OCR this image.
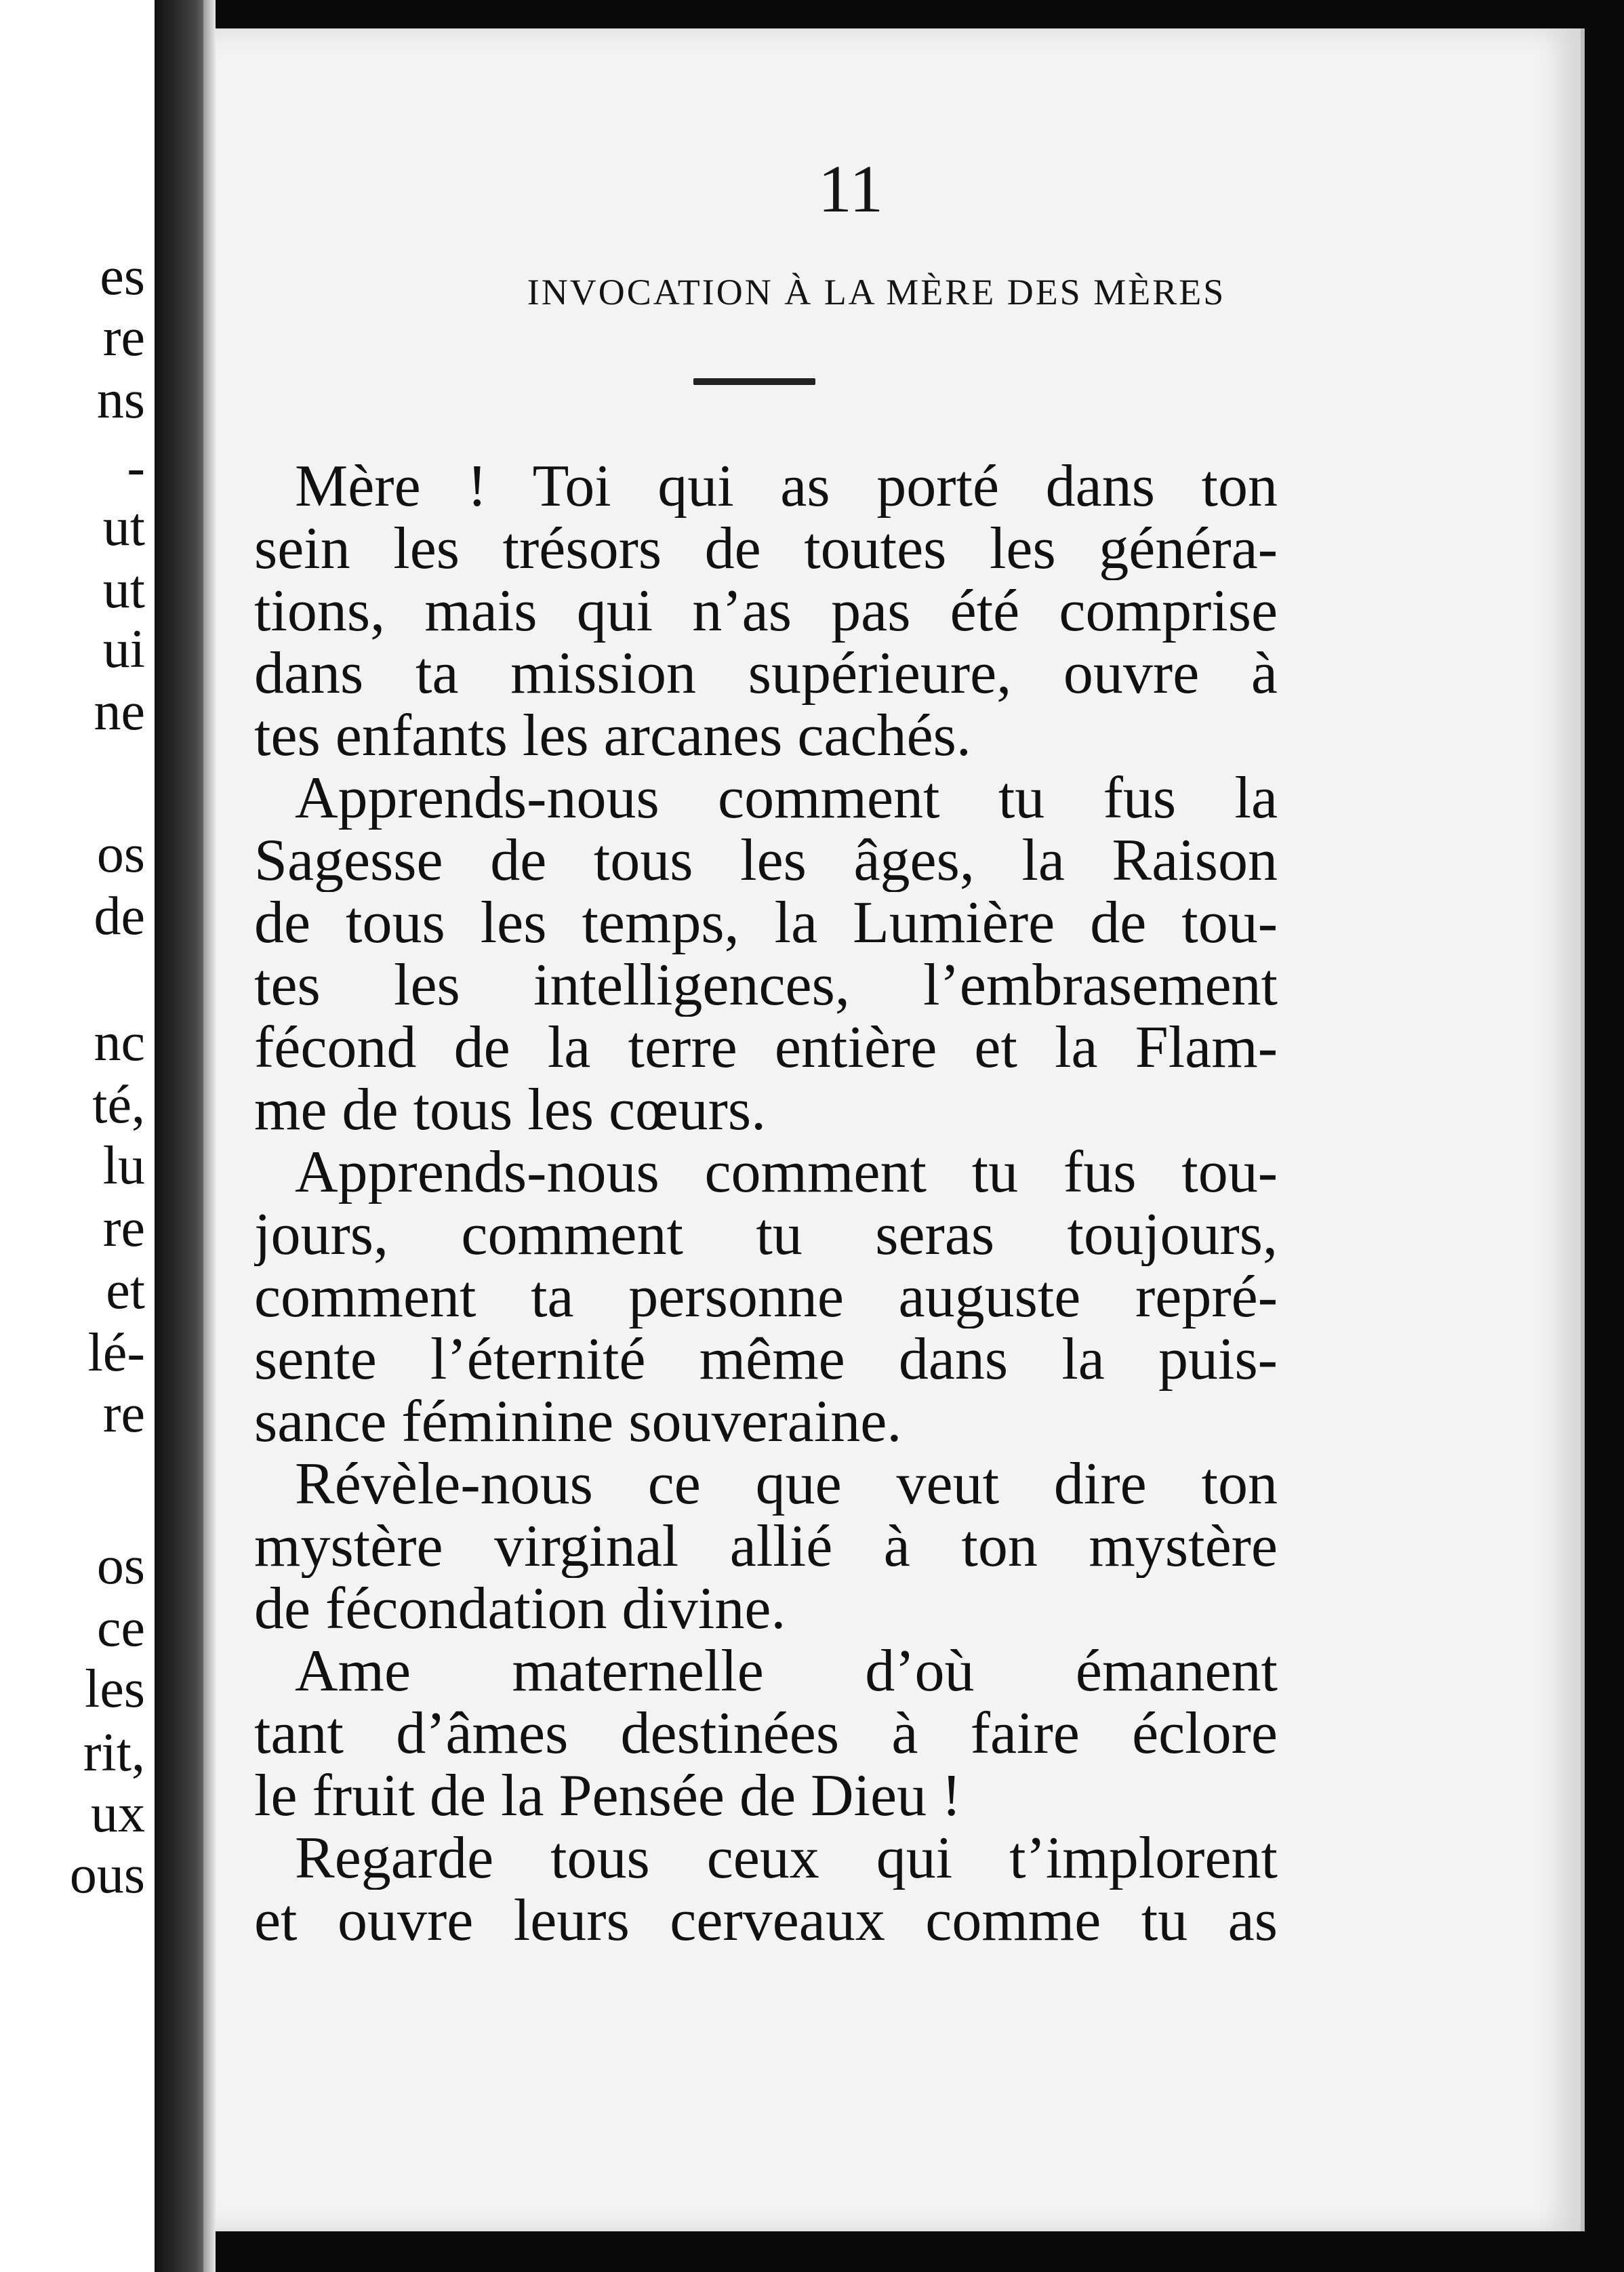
es
re
ns
-
ut
ut
ui
ne
os
de
nc
té,
lu
re
et
lé-
re
os
ce
les
rit,
ux
ous
11
INVOCATION À LA MÈRE DES MÈRES
Mère ! Toi qui as porté dans ton
sein les trésors de toutes les généra-
tions, mais qui n’as pas été comprise
dans ta mission supérieure, ouvre à
tes enfants les arcanes cachés.
Apprends-nous comment tu fus la
Sagesse de tous les âges, la Raison
de tous les temps, la Lumière de tou-
tes les intelligences, l’embrasement
fécond de la terre entière et la Flam-
me de tous les cœurs.
Apprends-nous comment tu fus tou-
jours, comment tu seras toujours,
comment ta personne auguste repré-
sente l’éternité même dans la puis-
sance féminine souveraine.
Révèle-nous ce que veut dire ton
mystère virginal allié à ton mystère
de fécondation divine.
Ame maternelle d’où émanent
tant d’âmes destinées à faire éclore
le fruit de la Pensée de Dieu !
Regarde tous ceux qui t’implorent
et ouvre leurs cerveaux comme tu as
